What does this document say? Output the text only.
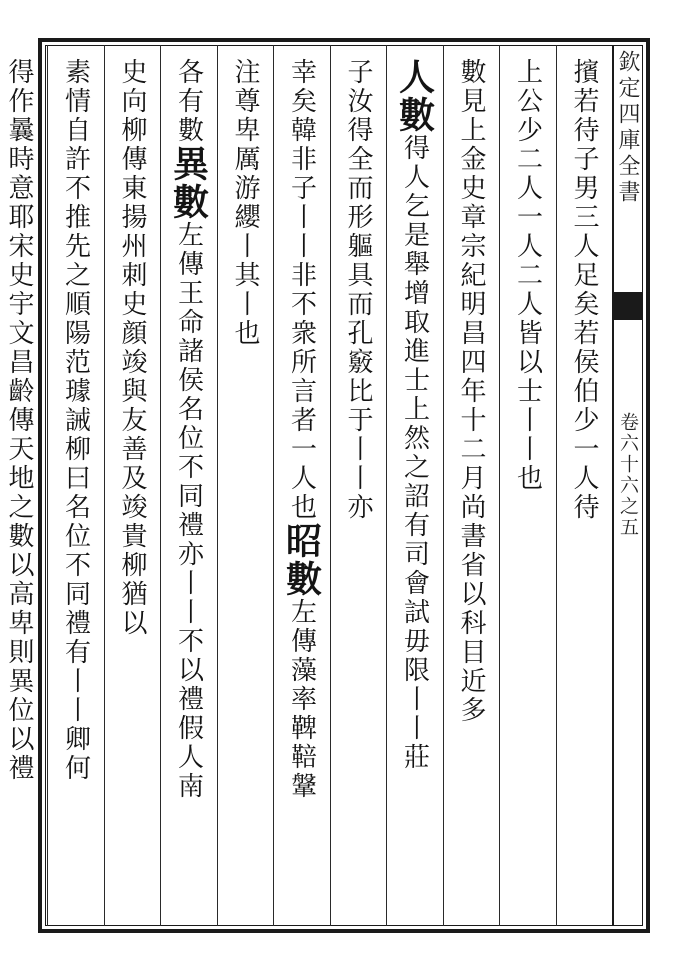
欽定四庫全書
卷六十六之五
擯若待子男三人足矣若侯伯少一人待
上公少二人一人二人皆以士丨丨也
數見上金史章宗紀明昌四年十二月尚書省以科目近多
人數得人乞是舉增取進士上然之詔有司會試毋限丨丨莊
子汝得全而形軀具而孔竅比于丨丨亦
幸矣韓非子丨丨非不衆所言者一人也昭數左傳藻率鞞鞛鞶
注尊卑厲游纓丨其丨也
各有數異數左傳王命諸侯名位不同禮亦丨丨不以禮假人南
史向柳傳東揚州刺史顔竣與友善及竣貴柳猶以
素情自許不推先之順陽范璩誡柳曰名位不同禮有丨丨卿何
得作曩時意耶宋史宇文昌齡傳天地之數以高卑則異位以禮
